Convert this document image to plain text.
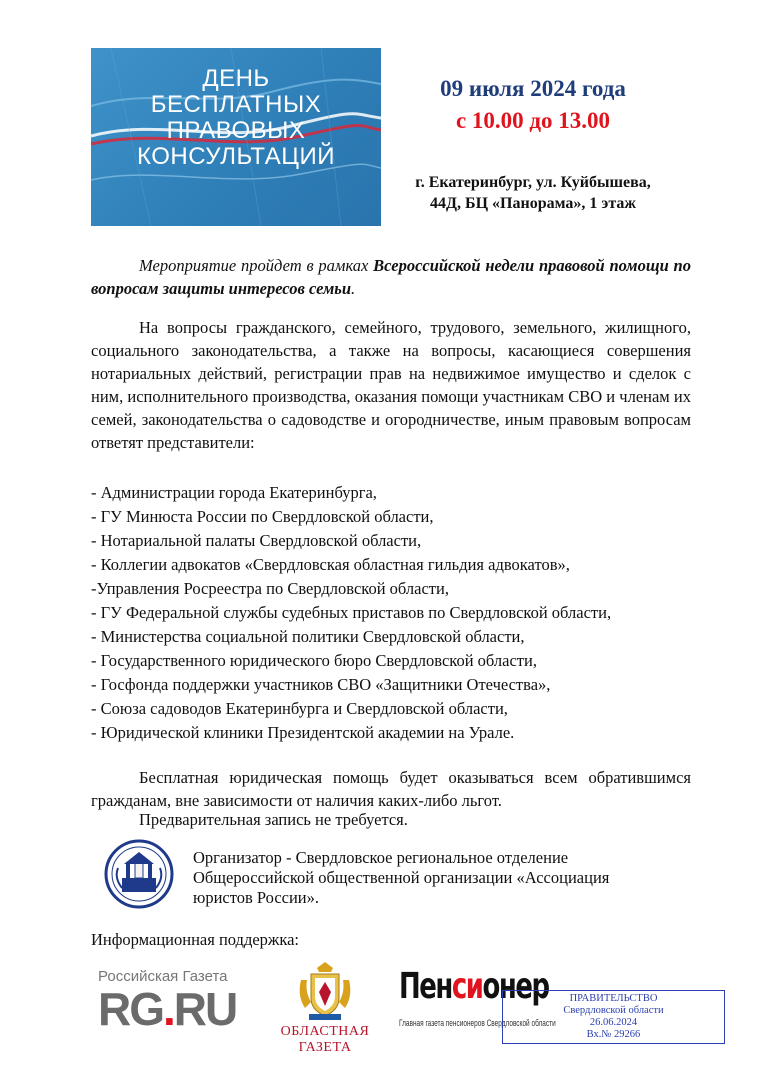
ДЕНЬ
БЕСПЛАТНЫХ
ПРАВОВЫХ
КОНСУЛЬТАЦИЙ
09 июля 2024 года
с 10.00 до 13.00
г. Екатеринбург, ул. Куйбышева,
44Д, БЦ «Панорама», 1 этаж

Мероприятие пройдет в рамках Всероссийской недели правовой помощи по вопросам защиты интересов семьи.

На вопросы гражданского, семейного, трудового, земельного, жилищного, социального законодательства, а также на вопросы, касающиеся совершения нотариальных действий, регистрации прав на недвижимое имущество и сделок с ним, исполнительного производства, оказания помощи участникам СВО и членам их семей, законодательства о садоводстве и огородничестве, иным правовым вопросам ответят представители:

- Администрации города Екатеринбурга,
- ГУ Минюста России по Свердловской области,
- Нотариальной палаты Свердловской области,
- Коллегии адвокатов «Свердловская областная гильдия адвокатов»,
-Управления Росреестра по Свердловской области,
- ГУ Федеральной службы судебных приставов по Свердловской области,
- Министерства социальной политики Свердловской области,
- Государственного юридического бюро Свердловской области,
- Госфонда поддержки участников СВО «Защитники Отечества»,
- Союза садоводов Екатеринбурга и Свердловской области,
- Юридической клиники Президентской академии на Урале.

Бесплатная юридическая помощь будет оказываться всем обратившимся гражданам, вне зависимости от наличия каких-либо льгот.

Предварительная запись не требуется.
Организатор - Свердловское региональное отделение Общероссийской общественной организации «Ассоциация юристов России».
Информационная поддержка:
Российская Газета
RG.RU	ОБЛАСТНАЯ
ГАЗЕТА
Пенсионер
Главная газета пенсионеров Свердловской области
ПРАВИТЕЛЬСТВО
Свердловской области
26.06.2024
Вх.№ 29266
